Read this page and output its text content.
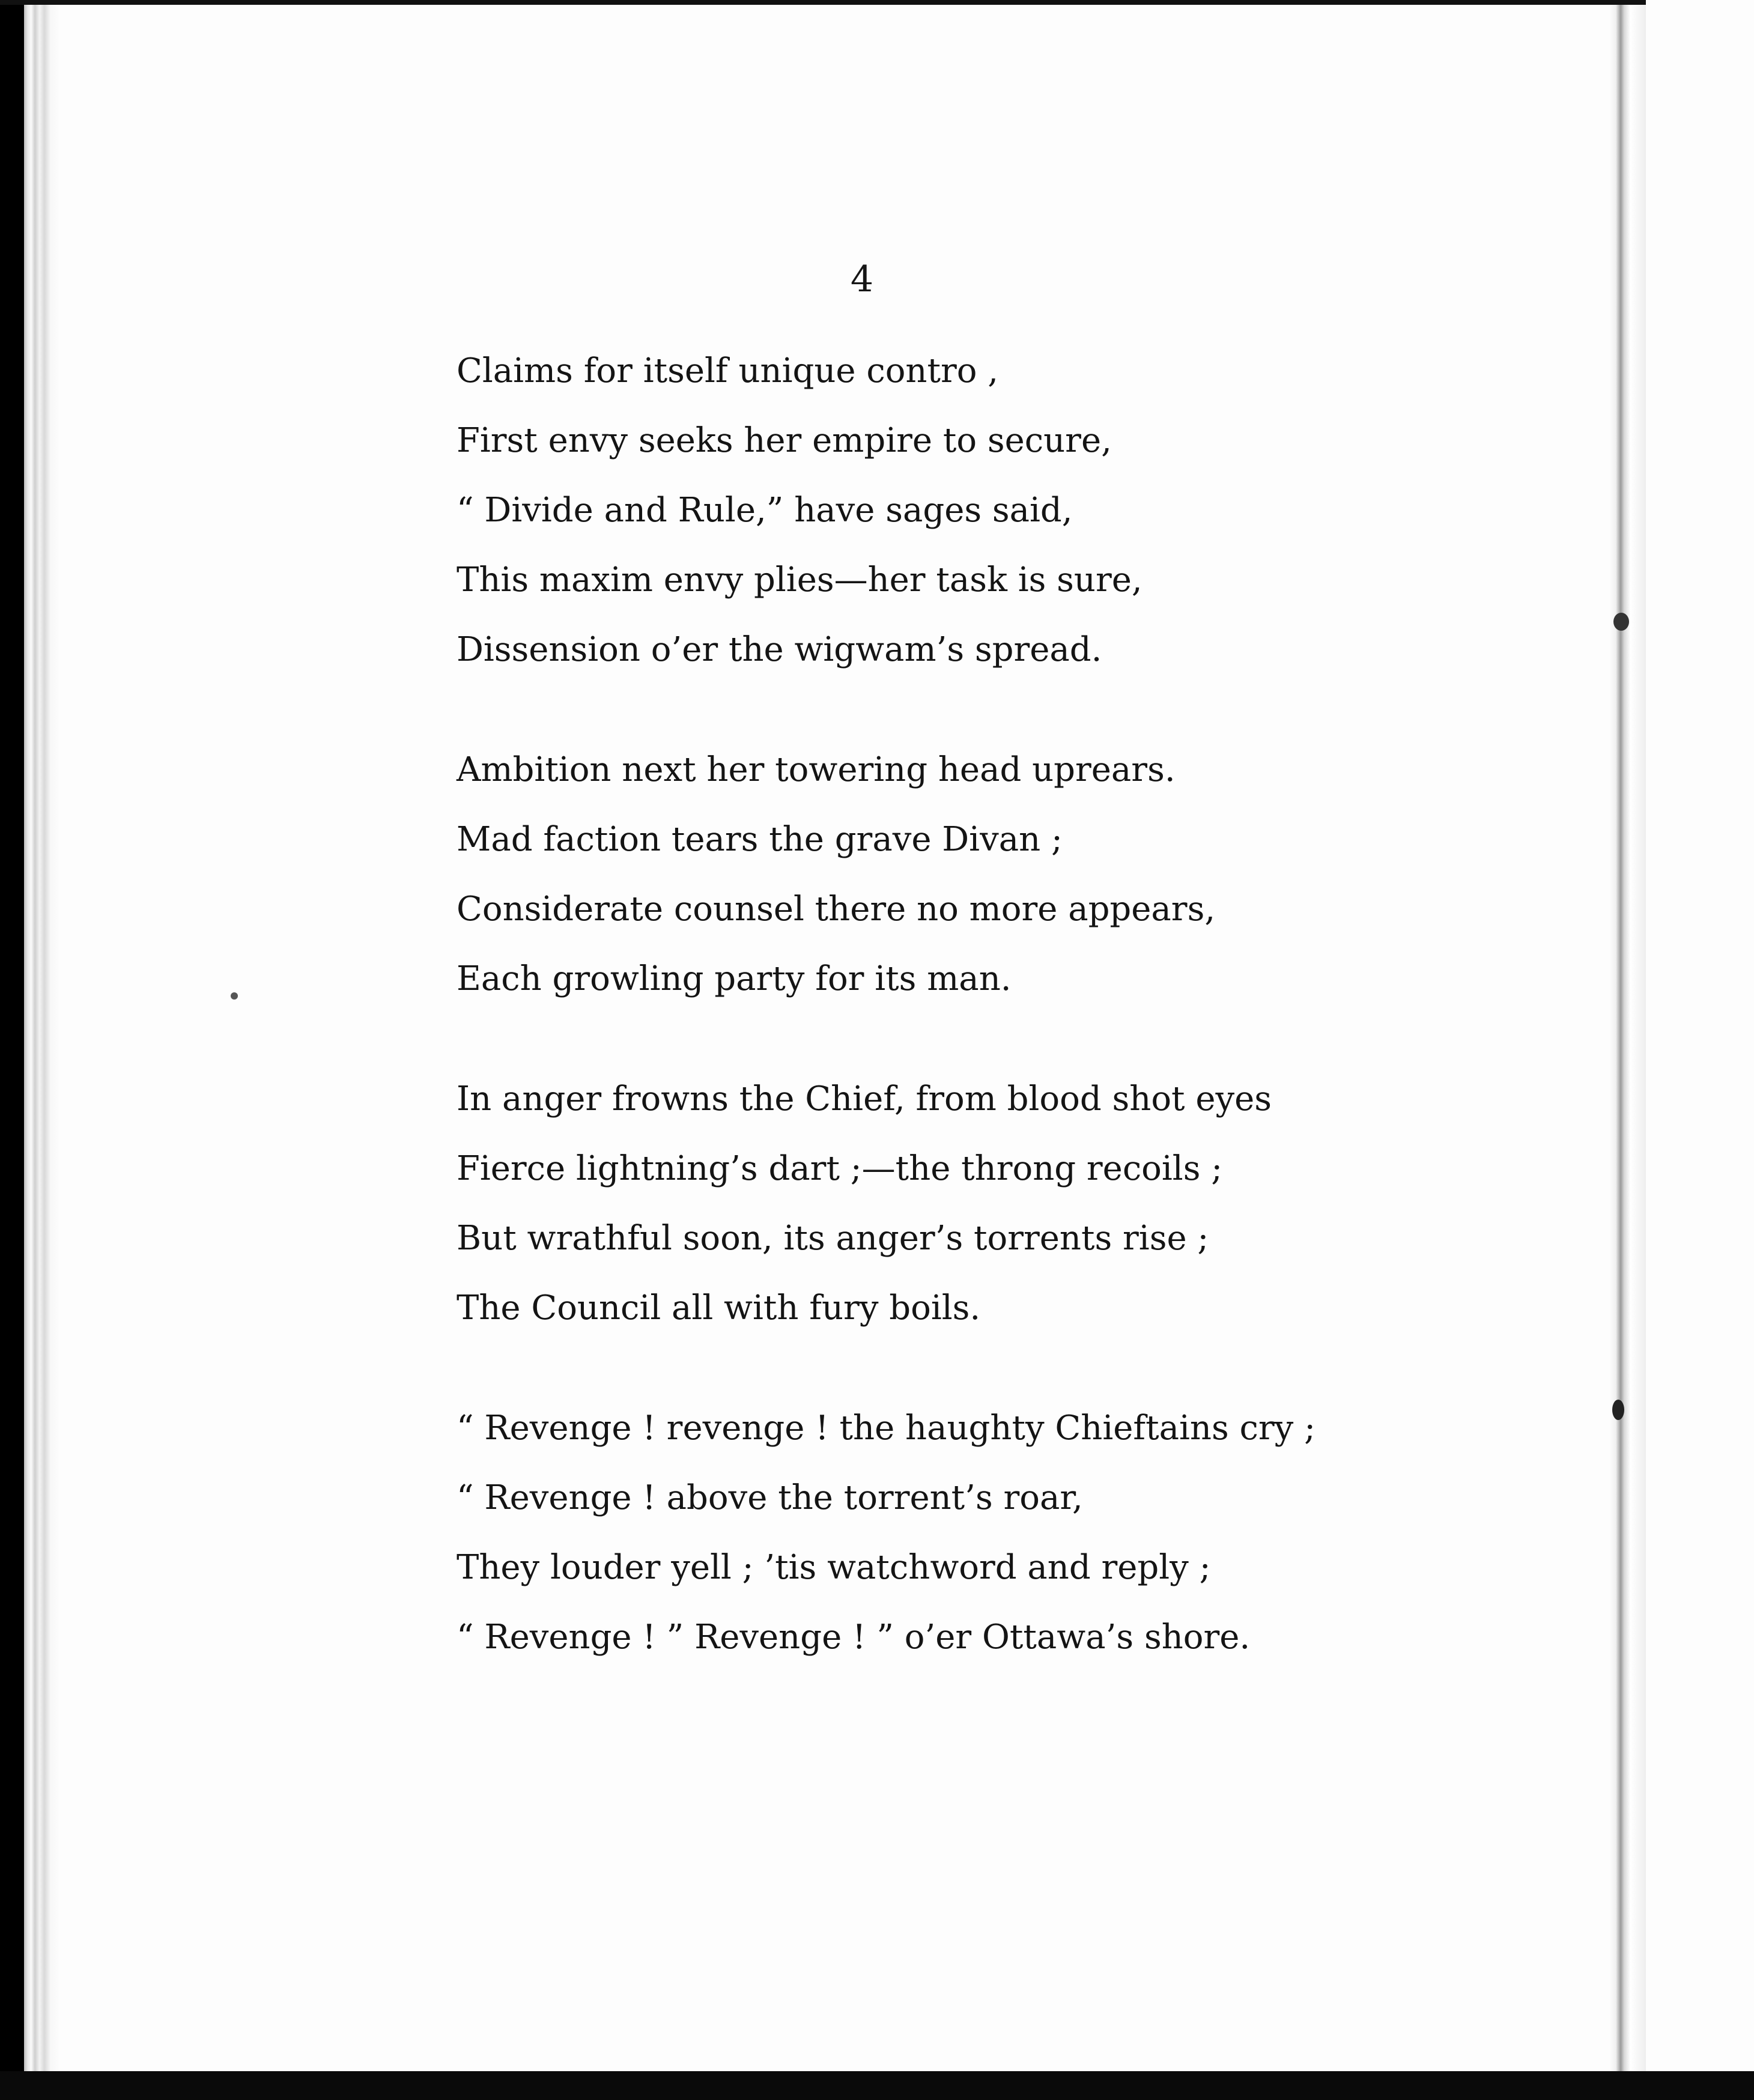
4
Claims for itself unique contro ,
First envy seeks her empire to secure,
“ Divide and Rule,” have sages said,
This maxim envy plies—her task is sure,
Dissension o’er the wigwam’s spread.
Ambition next her towering head uprears.
Mad faction tears the grave Divan ;
Considerate counsel there no more appears,
Each growling party for its man.
In anger frowns the Chief, from blood shot eyes
Fierce lightning’s dart ;—the throng recoils ;
But wrathful soon, its anger’s torrents rise ;
The Council all with fury boils.
“ Revenge ! revenge ! the haughty Chieftains cry ;
“ Revenge ! above the torrent’s roar,
They louder yell ; ’tis watchword and reply ;
“ Revenge ! ” Revenge ! ” o’er Ottawa’s shore.
